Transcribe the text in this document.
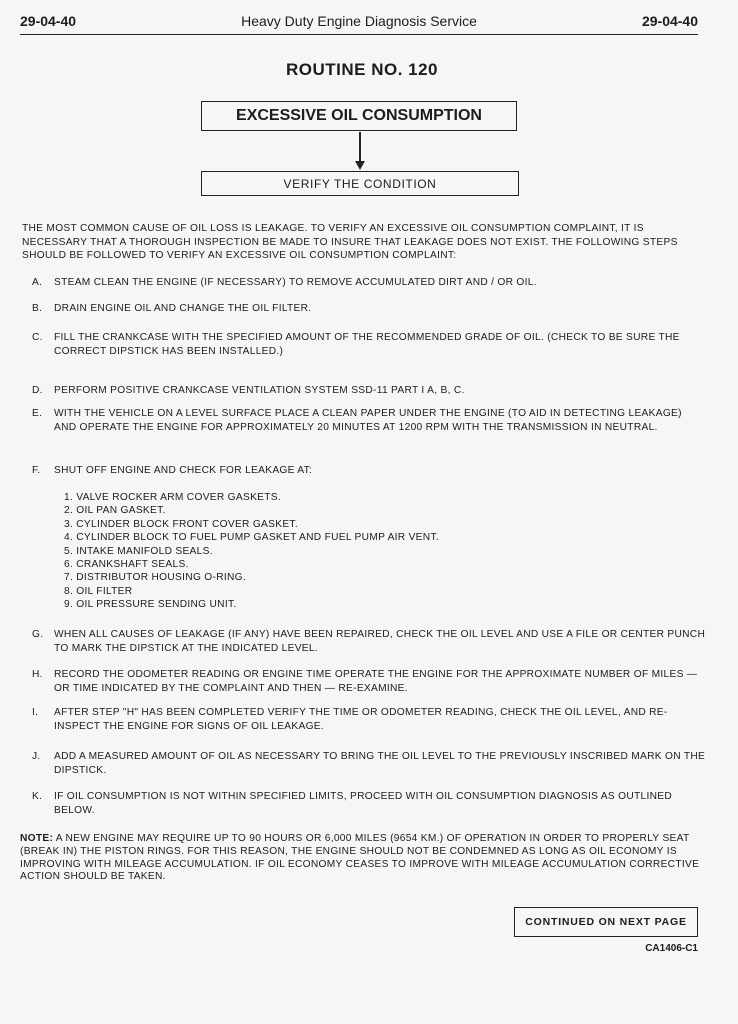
29-04-40	Heavy Duty Engine Diagnosis Service	29-04-40
ROUTINE NO. 120
EXCESSIVE OIL CONSUMPTION
VERIFY THE CONDITION

THE MOST COMMON CAUSE OF OIL LOSS IS LEAKAGE. TO VERIFY AN EXCESSIVE OIL CONSUMPTION COMPLAINT, IT IS NECESSARY THAT A THOROUGH INSPECTION BE MADE TO INSURE THAT LEAKAGE DOES NOT EXIST. THE FOLLOWING STEPS SHOULD BE FOLLOWED TO VERIFY AN EXCESSIVE OIL CONSUMPTION COMPLAINT:

A.	STEAM CLEAN THE ENGINE (IF NECESSARY) TO REMOVE ACCUMULATED DIRT AND / OR OIL.
B.	DRAIN ENGINE OIL AND CHANGE THE OIL FILTER.
C.	FILL THE CRANKCASE WITH THE SPECIFIED AMOUNT OF THE RECOMMENDED GRADE OF OIL. (CHECK TO BE SURE THE CORRECT DIPSTICK HAS BEEN INSTALLED.)
D.	PERFORM POSITIVE CRANKCASE VENTILATION SYSTEM SSD-11 PART I A, B, C.
E.	WITH THE VEHICLE ON A LEVEL SURFACE PLACE A CLEAN PAPER UNDER THE ENGINE (TO AID IN DETECTING LEAKAGE) AND OPERATE THE ENGINE FOR APPROXIMATELY 20 MINUTES AT 1200 RPM WITH THE TRANSMISSION IN NEUTRAL.
F.	SHUT OFF ENGINE AND CHECK FOR LEAKAGE AT:
1. VALVE ROCKER ARM COVER GASKETS.
2. OIL PAN GASKET.
3. CYLINDER BLOCK FRONT COVER GASKET.
4. CYLINDER BLOCK TO FUEL PUMP GASKET AND FUEL PUMP AIR VENT.
5. INTAKE MANIFOLD SEALS.
6. CRANKSHAFT SEALS.
7. DISTRIBUTOR HOUSING O-RING.
8. OIL FILTER
9. OIL PRESSURE SENDING UNIT.
G.	WHEN ALL CAUSES OF LEAKAGE (IF ANY) HAVE BEEN REPAIRED, CHECK THE OIL LEVEL AND USE A FILE OR CENTER PUNCH TO MARK THE DIPSTICK AT THE INDICATED LEVEL.
H.	RECORD THE ODOMETER READING OR ENGINE TIME OPERATE THE ENGINE FOR THE APPROXIMATE NUMBER OF MILES — OR TIME INDICATED BY THE COMPLAINT AND THEN — RE-EXAMINE.
I.	AFTER STEP "H" HAS BEEN COMPLETED VERIFY THE TIME OR ODOMETER READING, CHECK THE OIL LEVEL, AND RE-INSPECT THE ENGINE FOR SIGNS OF OIL LEAKAGE.
J.	ADD A MEASURED AMOUNT OF OIL AS NECESSARY TO BRING THE OIL LEVEL TO THE PREVIOUSLY INSCRIBED MARK ON THE DIPSTICK.
K.	IF OIL CONSUMPTION IS NOT WITHIN SPECIFIED LIMITS, PROCEED WITH OIL CONSUMPTION DIAGNOSIS AS OUTLINED BELOW.

NOTE: A NEW ENGINE MAY REQUIRE UP TO 90 HOURS OR 6,000 MILES (9654 KM.) OF OPERATION IN ORDER TO PROPERLY SEAT (BREAK IN) THE PISTON RINGS. FOR THIS REASON, THE ENGINE SHOULD NOT BE CONDEMNED AS LONG AS OIL ECONOMY IS IMPROVING WITH MILEAGE ACCUMULATION. IF OIL ECONOMY CEASES TO IMPROVE WITH MILEAGE ACCUMULATION CORRECTIVE ACTION SHOULD BE TAKEN.

CONTINUED ON NEXT PAGE
CA1406-C1
